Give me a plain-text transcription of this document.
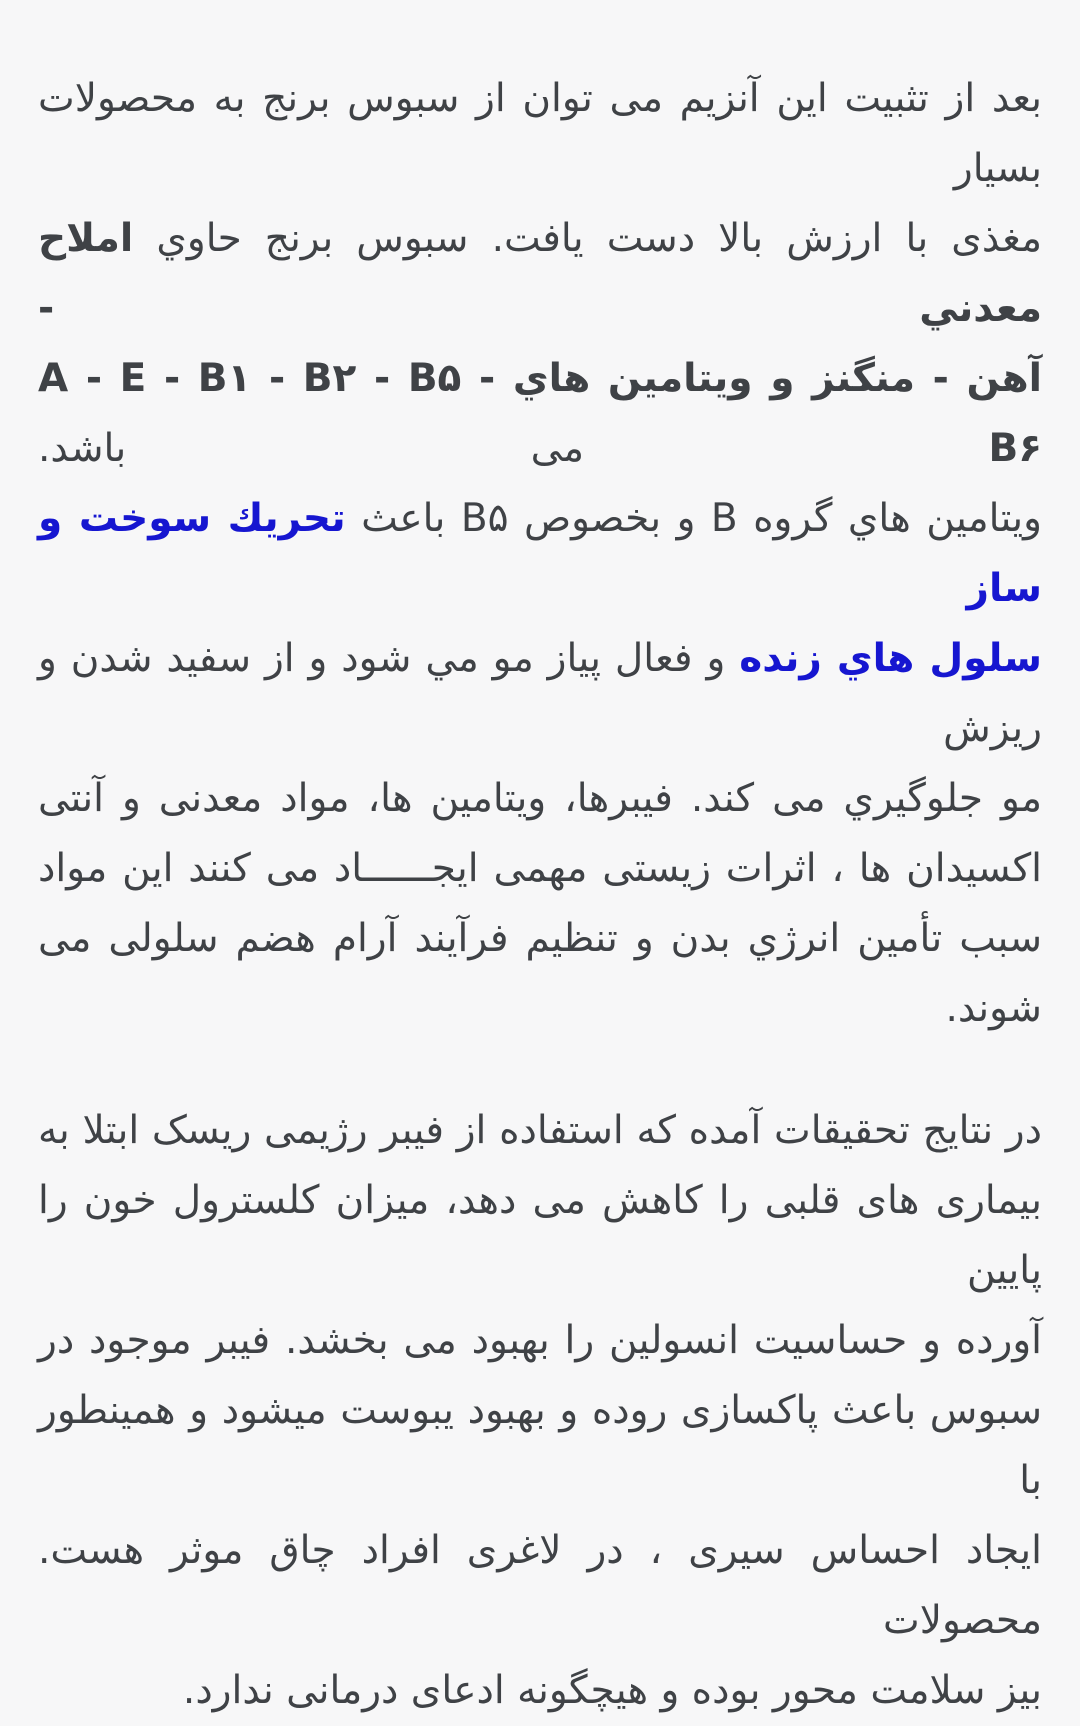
بعد از تثبیت این آنزیم می توان از سبوس برنج به محصولات بسیار
مغذی با ارزش بالا دست یافت. سبوس برنج حاوي املاح معدني -
آهن - منگنز و ویتامین هاي A - E - B۱ - B۲ - B۵ - B۶ می باشد.
ویتامین هاي گروه B و بخصوص B۵ باعث تحريك سوخت و ساز
سلول هاي زنده و فعال پیاز مو مي شود و از سفید شدن و ریزش
مو جلوگیري می کند. فیبرها، ویتامین ها، مواد معدنی و آنتی
اکسیدان ها ، اثرات زیستی مهمی ایجــــــاد می کنند این مواد
سبب تأمین انرژي بدن و تنظیم فرآیند آرام هضم سلولی می شوند.
در نتایج تحقیقات آمده که استفاده از فیبر رژیمی ریسک ابتلا به
بیماری های قلبی را کاهش می دهد، میزان کلسترول خون را پایین
آورده و حساسیت انسولین را بهبود می بخشد. فیبر موجود در
سبوس باعث پاکسازی روده و بهبود یبوست میشود و همینطور با
ایجاد احساس سیری ، در لاغری افراد چاق موثر هست. محصولات
بیز سلامت محور بوده و هیچگونه ادعای درمانی ندارد.
